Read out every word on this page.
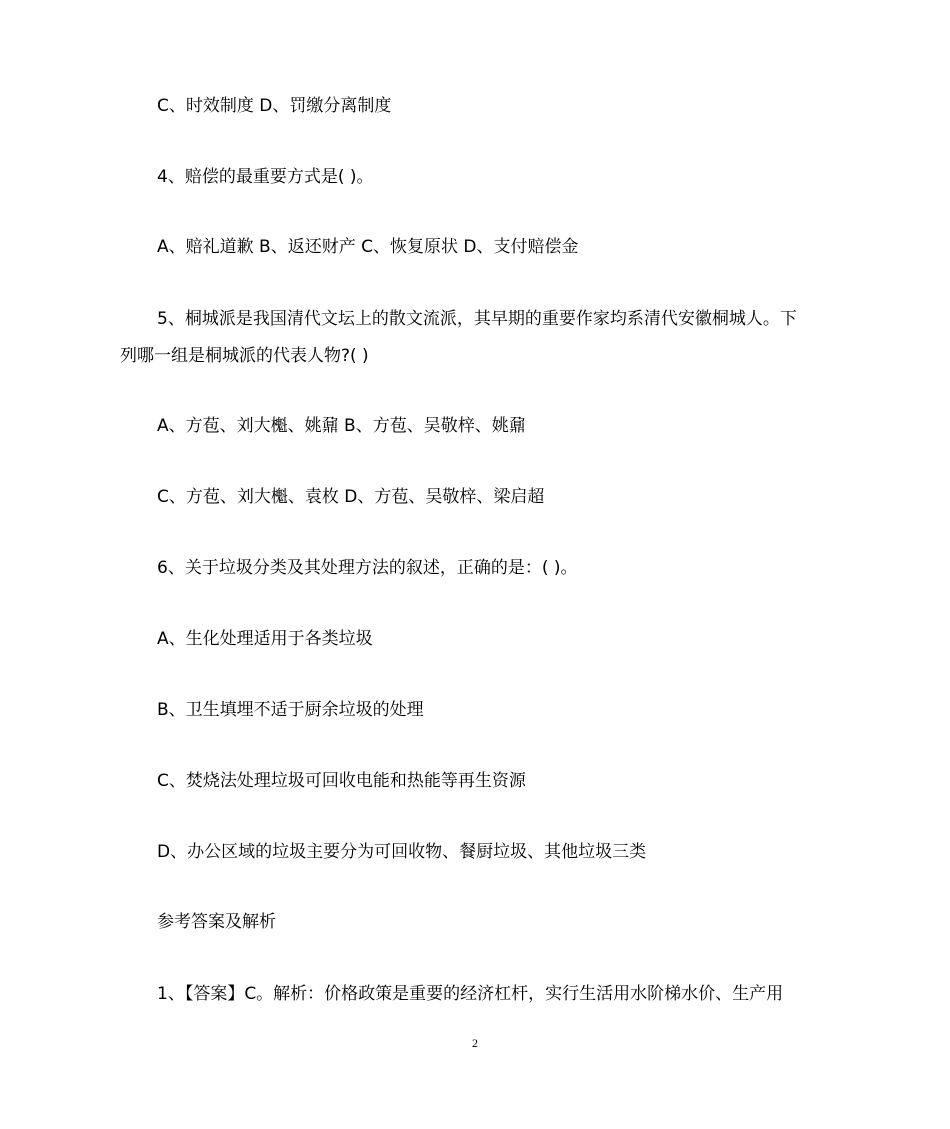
C、时效制度 D、罚缴分离制度
4、赔偿的最重要方式是( )。
A、赔礼道歉 B、返还财产 C、恢复原状 D、支付赔偿金
5、桐城派是我国清代文坛上的散文流派，其早期的重要作家均系清代安徽桐城人。下
列哪一组是桐城派的代表人物?( )
A、方苞、刘大櫆、姚鼐 B、方苞、吴敬梓、姚鼐
C、方苞、刘大櫆、袁枚 D、方苞、吴敬梓、梁启超
6、关于垃圾分类及其处理方法的叙述，正确的是：( )。
A、生化处理适用于各类垃圾
B、卫生填埋不适于厨余垃圾的处理
C、焚烧法处理垃圾可回收电能和热能等再生资源
D、办公区域的垃圾主要分为可回收物、餐厨垃圾、其他垃圾三类
参考答案及解析
1、【答案】C。解析：价格政策是重要的经济杠杆，实行生活用水阶梯水价、生产用
2
